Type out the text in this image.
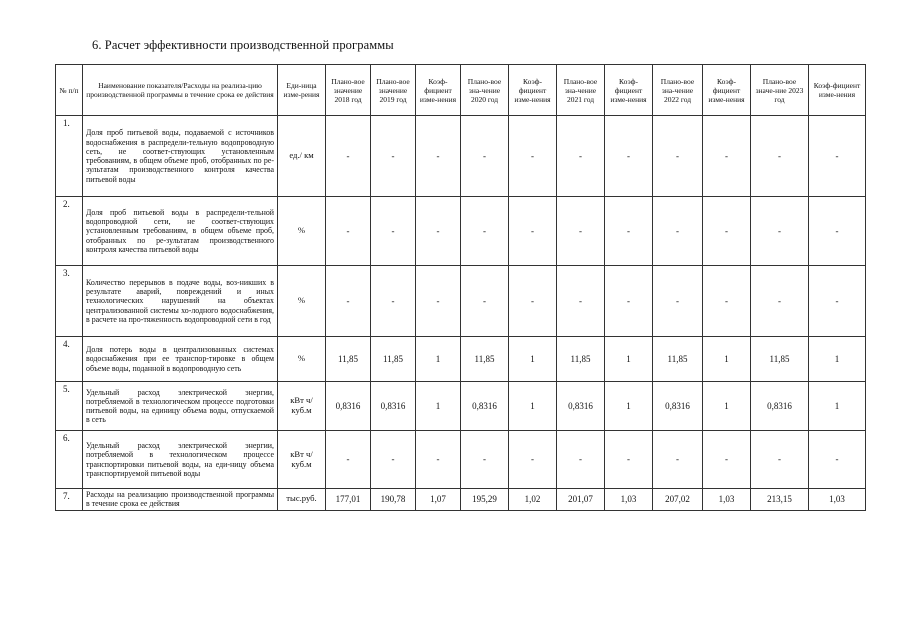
6. Расчет эффективности производственной программы
№ п/п	Наименование показателя/Расходы на реализа-цию производственной программы в течение срока ее действия	Еди-ница изме-рения	Плано-вое значение 2018 год	Плано-вое значение 2019 год	Коэф-фициент изме-нения	Плано-вое зна-чение 2020 год	Коэф-фициент изме-нения	Плано-вое зна-чение 2021 год	Коэф-фициент изме-нения	Плано-вое зна-чение 2022 год	Коэф-фициент изме-нения	Плано-вое значе-ние 2023 год	Коэф-фициент изме-нения
1.	Доля проб питьевой воды, подаваемой с источников водоснабжения в распредели-тельную водопроводную сеть, не соответ-ствующих установленным требованиям, в общем объеме проб, отобранных по ре-зультатам производственного контроля качества питьевой воды	ед./ км	-	-	-	-	-	-	-	-	-	-	-
2.	Доля проб питьевой воды в распредели-тельной водопроводной сети, не соответ-ствующих установленным требованиям, в общем объеме проб, отобранных по ре-зультатам производственного контроля качества питьевой воды	%	-	-	-	-	-	-	-	-	-	-	-
3.	Количество перерывов в подаче воды, воз-никших в результате аварий, повреждений и иных технологических нарушений на объектах централизованной системы хо-лодного водоснабжения, в расчете на про-тяженность водопроводной сети в год	%	-	-	-	-	-	-	-	-	-	-	-
4.	Доля потерь воды в централизованных системах водоснабжения при ее транспор-тировке в общем объеме воды, поданной в водопроводную сеть	%	11,85	11,85	1	11,85	1	11,85	1	11,85	1	11,85	1
5.	Удельный расход электрической энергии, потребляемой в технологическом процессе подготовки питьевой воды, на единицу объема воды, отпускаемой в сеть	кВт ч/куб.м	0,8316	0,8316	1	0,8316	1	0,8316	1	0,8316	1	0,8316	1
6.	Удельный расход электрической энергии, потребляемой в технологическом процессе транспортировки питьевой воды, на еди-ницу объема транспортируемой питьевой воды	кВт ч/куб.м	-	-	-	-	-	-	-	-	-	-	-
7.	Расходы на реализацию производственной программы в течение срока ее действия	тыс.руб.	177,01	190,78	1,07	195,29	1,02	201,07	1,03	207,02	1,03	213,15	1,03
